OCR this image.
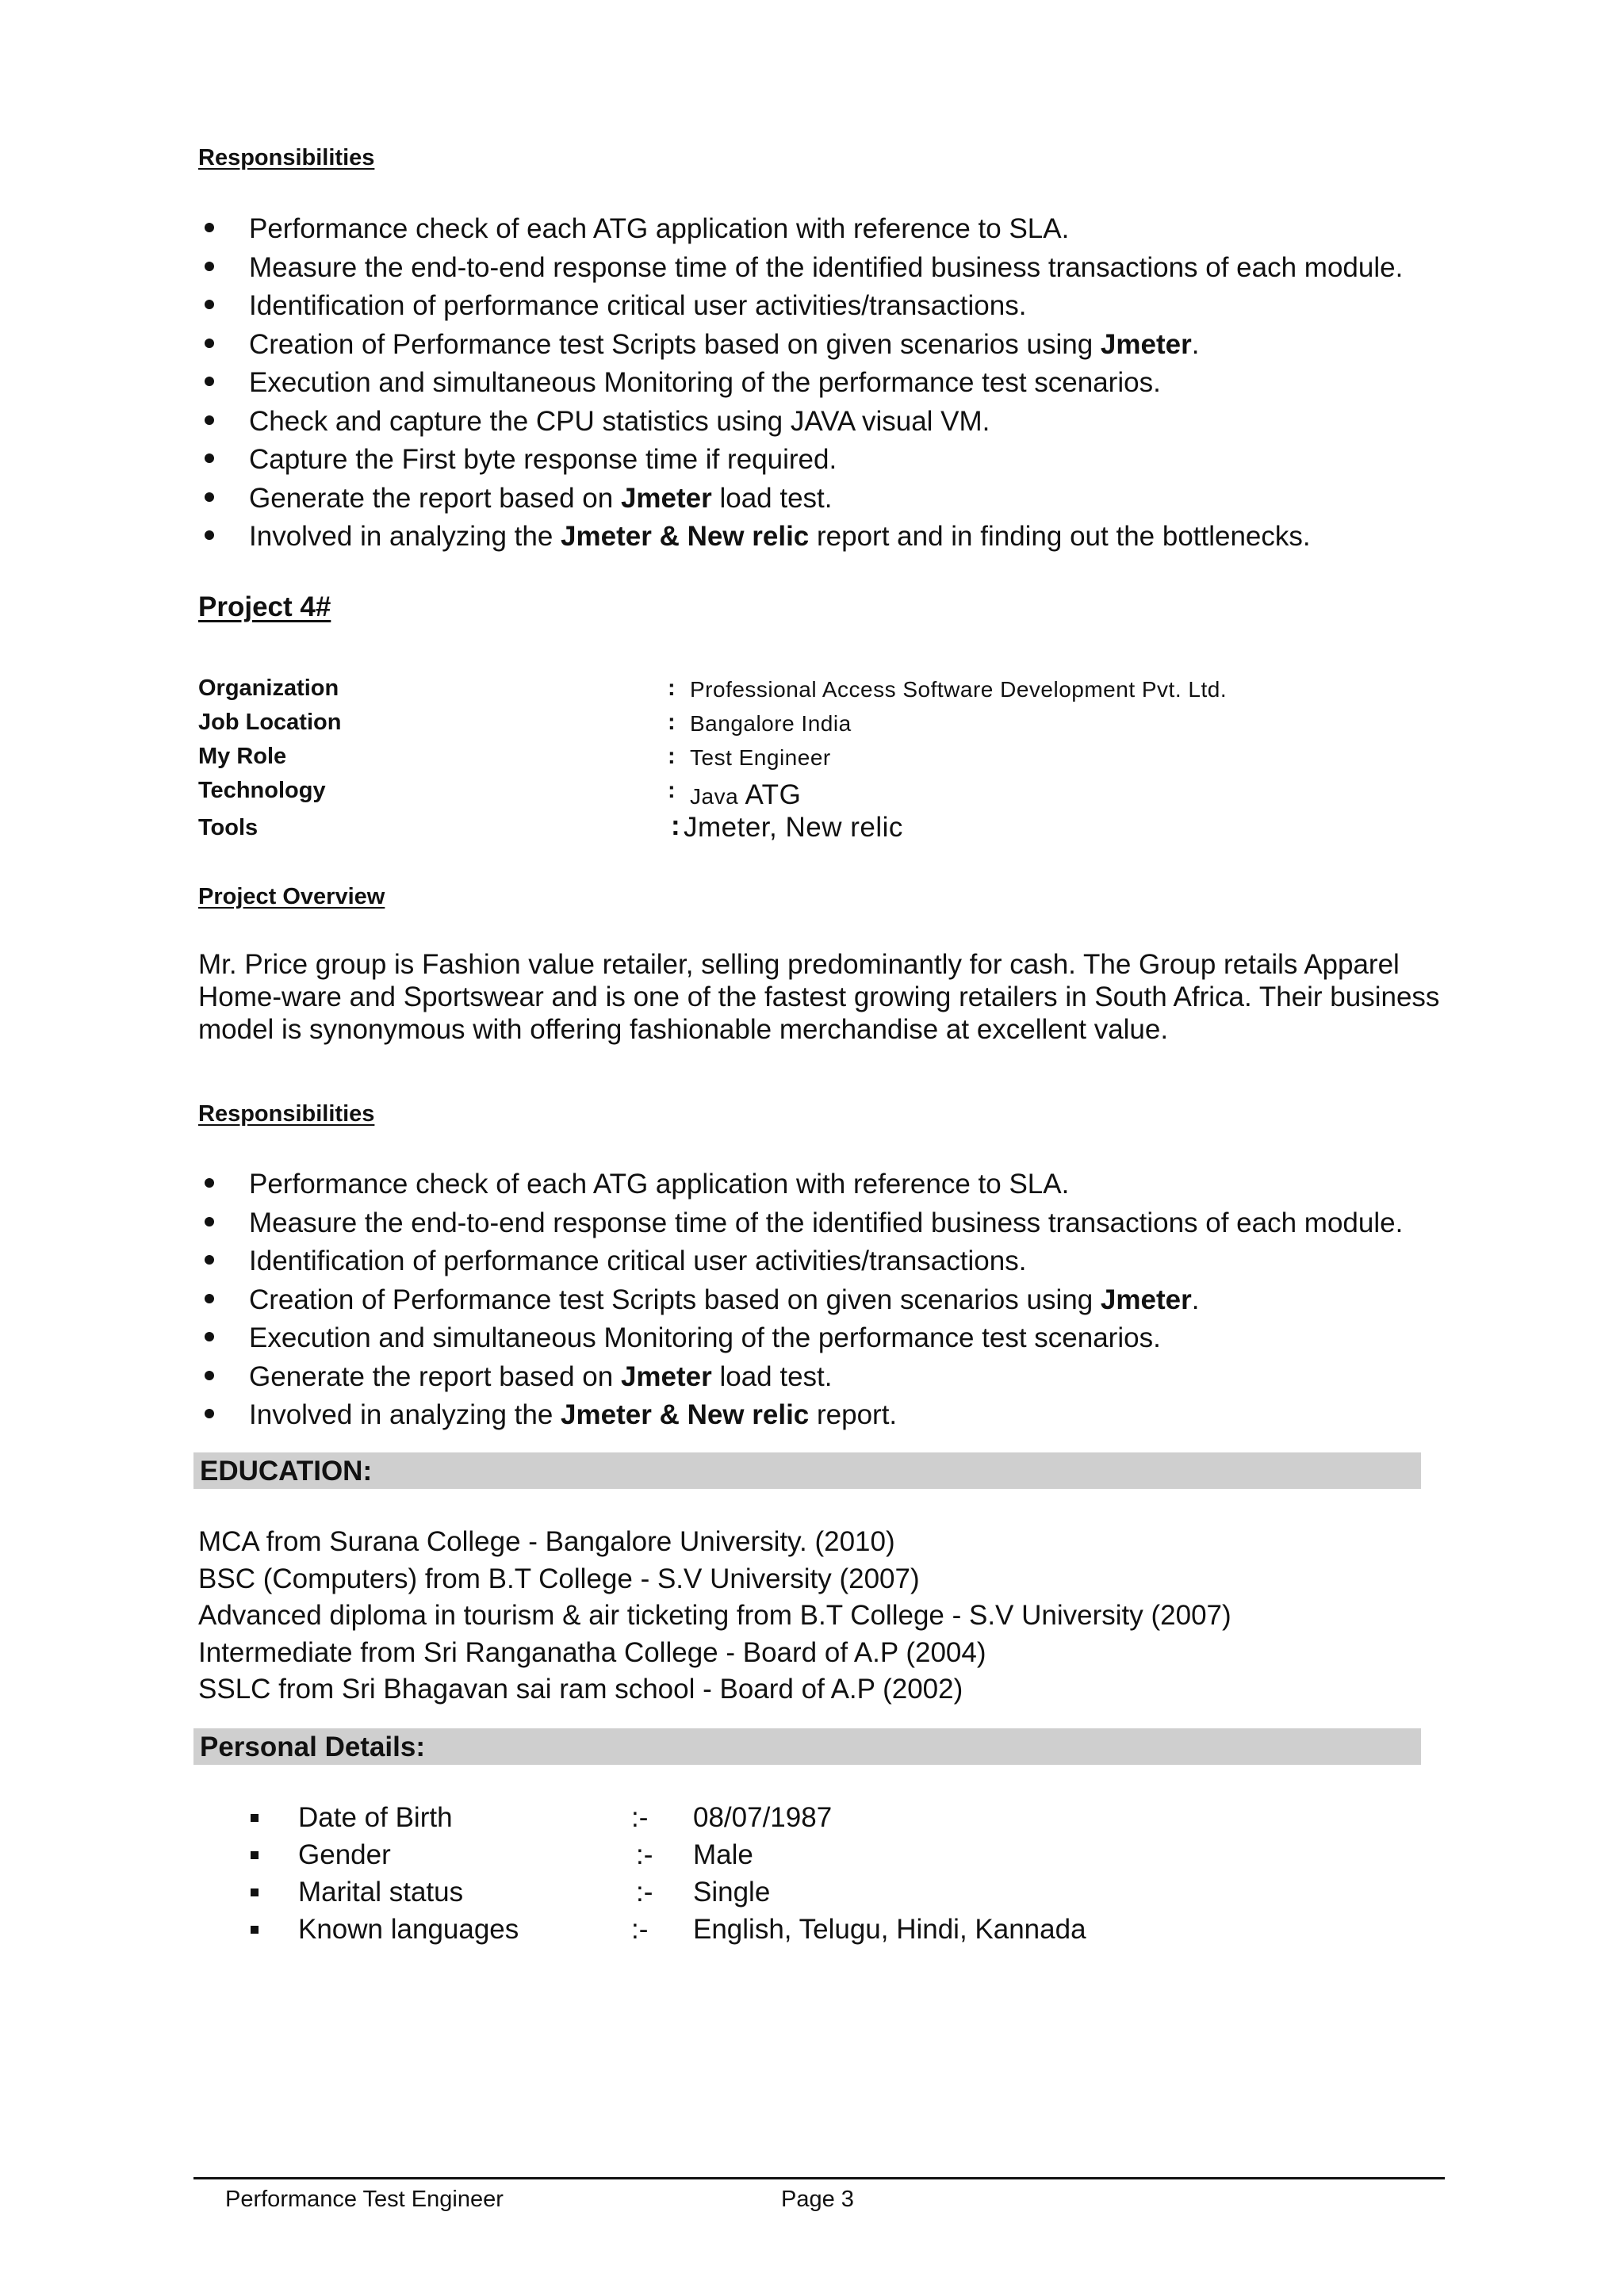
Responsibilities
Performance check of each ATG application with reference to SLA.
Measure the end-to-end response time of the identified business transactions of each module.
Identification of performance critical user activities/transactions.
Creation of Performance test Scripts based on given scenarios using Jmeter.
Execution and simultaneous Monitoring of the performance test scenarios.
Check and capture the CPU statistics using JAVA visual VM.
Capture the First byte response time if required.
Generate the report based on Jmeter load test.
Involved in analyzing the Jmeter & New relic report and in finding out the bottlenecks.
Project 4#
Organization	: Professional Access Software Development Pvt. Ltd.
Job Location	: Bangalore India
My Role	: Test Engineer
Technology	: Java ATG
Tools	: Jmeter, New relic
Project Overview
Mr. Price group is Fashion value retailer, selling predominantly for cash. The Group retails Apparel Home-ware and Sportswear and is one of the fastest growing retailers in South Africa. Their business model is synonymous with offering fashionable merchandise at excellent value.
Responsibilities
Performance check of each ATG application with reference to SLA.
Measure the end-to-end response time of the identified business transactions of each module.
Identification of performance critical user activities/transactions.
Creation of Performance test Scripts based on given scenarios using Jmeter.
Execution and simultaneous Monitoring of the performance test scenarios.
Generate the report based on Jmeter load test.
Involved in analyzing the Jmeter & New relic report.
EDUCATION:
MCA from Surana College - Bangalore University. (2010)
BSC (Computers) from B.T College - S.V University (2007)
Advanced diploma in tourism & air ticketing from B.T College - S.V University (2007)
Intermediate from Sri Ranganatha College - Board of A.P (2004)
SSLC from Sri Bhagavan sai ram school - Board of A.P (2002)
Personal Details:
Date of Birth	:- 08/07/1987
Gender	:- Male
Marital status	:- Single
Known languages	:- English, Telugu, Hindi, Kannada
Performance Test Engineer	Page 3
